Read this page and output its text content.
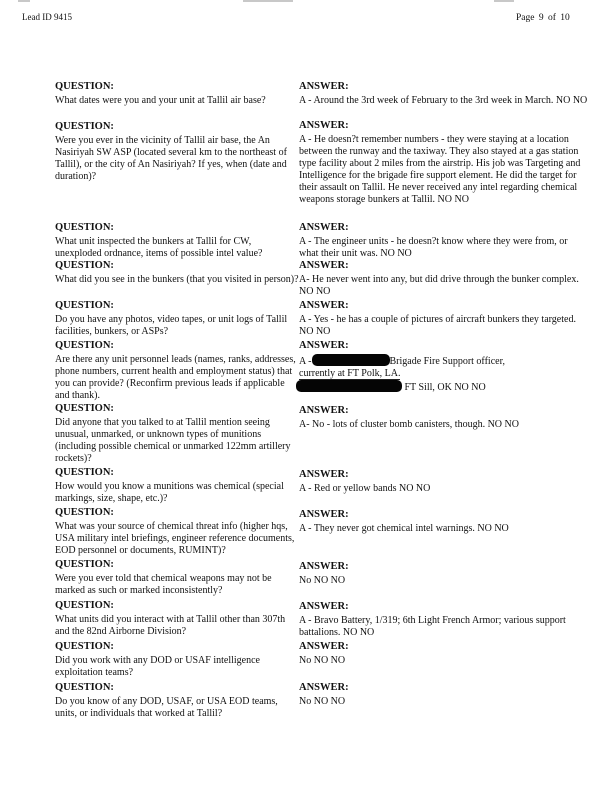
Lead ID 9415	Page 9 of 10
QUESTION:
What dates were you and your unit at Tallil air base?
QUESTION:
Were you ever in the vicinity of Tallil air base, the An Nasiriyah SW ASP (located several km to the northeast of Tallil), or the city of An Nasiriyah? If yes, when (date and duration)?
QUESTION:
What unit inspected the bunkers at Tallil for CW, unexploded ordnance, items of possible intel value?
QUESTION:
What did you see in the bunkers (that you visited in person)?
QUESTION:
Do you have any photos, video tapes, or unit logs of Tallil facilities, bunkers, or ASPs?
QUESTION:
Are there any unit personnel leads (names, ranks, addresses, phone numbers, current health and employment status) that you can provide? (Reconfirm previous leads if applicable and thank).
QUESTION:
Did anyone that you talked to at Tallil mention seeing unusual, unmarked, or unknown types of munitions (including possible chemical or unmarked 122mm artillery rockets)?
QUESTION:
How would you know a munitions was chemical (special markings, size, shape, etc.)?
QUESTION:
What was your source of chemical threat info (higher hqs, USA military intel briefings, engineer reference documents, EOD personnel or documents, RUMINT)?
QUESTION:
Were you ever told that chemical weapons may not be marked as such or marked inconsistently?
QUESTION:
What units did you interact with at Tallil other than 307th and the 82nd Airborne Division?
QUESTION:
Did you work with any DOD or USAF intelligence exploitation teams?
QUESTION:
Do you know of any DOD, USAF, or USA EOD teams, units, or individuals that worked at Tallil?
ANSWER:
A - Around the 3rd week of February to the 3rd week in March. NO NO
ANSWER:
A - He doesn?t remember numbers - they were staying at a location between the runway and the taxiway. They also stayed at a gas station type facility about 2 miles from the airstrip. His job was Targeting and Intelligence for the brigade fire support element. He did the target for their assault on Tallil. He never received any intel regarding chemical weapons storage bunkers at Tallil. NO NO
ANSWER:
A - The engineer units - he doesn?t know where they were from, or what their unit was. NO NO
ANSWER:
A- He never went into any, but did drive through the bunker complex. NO NO
ANSWER:
A - Yes - he has a couple of pictures of aircraft bunkers they targeted. NO NO
ANSWER:
A -	Brigade Fire Support officer,
currently at FT Polk, LA.
FT Sill, OK NO NO
ANSWER:
A- No - lots of cluster bomb canisters, though. NO NO
ANSWER:
A - Red or yellow bands NO NO
ANSWER:
A - They never got chemical intel warnings. NO NO
ANSWER:
No NO NO
ANSWER:
A - Bravo Battery, 1/319; 6th Light French Armor; various support battalions. NO NO
ANSWER:
No NO NO
ANSWER:
No NO NO
